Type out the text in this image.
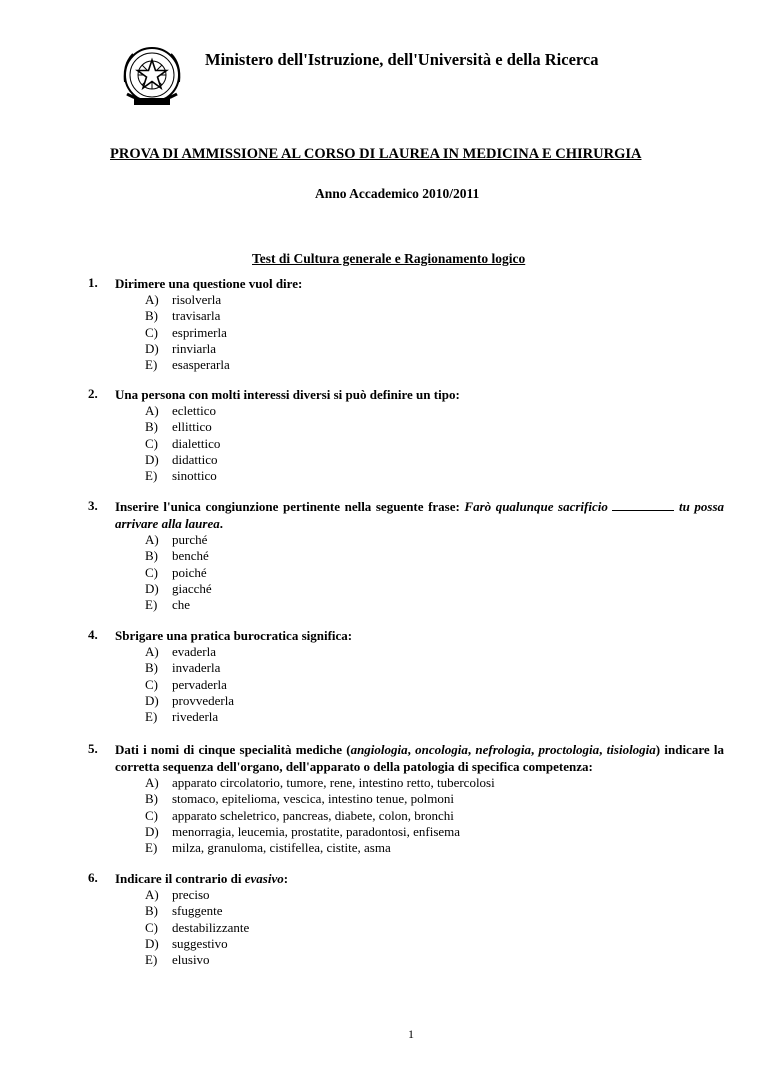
Ministero dell'Istruzione, dell'Università e della Ricerca
PROVA DI AMMISSIONE AL CORSO DI LAUREA IN MEDICINA E CHIRURGIA
Anno Accademico 2010/2011
Test di Cultura generale e Ragionamento logico
1. Dirimere una questione vuol dire:
A) risolverla
B) travisarla
C) esprimerla
D) rinviarla
E) esasperarla
2. Una persona con molti interessi diversi si può definire un tipo:
A) eclettico
B) ellittico
C) dialettico
D) didattico
E) sinottico
3. Inserire l'unica congiunzione pertinente nella seguente frase: Farò qualunque sacrificio	tu possa arrivare alla laurea.
A) purché
B) benché
C) poiché
D) giacché
E) che
4. Sbrigare una pratica burocratica significa:
A) evaderla
B) invaderla
C) pervaderla
D) provvederla
E) rivederla
5. Dati i nomi di cinque specialità mediche (angiologia, oncologia, nefrologia, proctologia, tisiologia) indicare la corretta sequenza dell'organo, dell'apparato o della patologia di specifica competenza:
A) apparato circolatorio, tumore, rene, intestino retto, tubercolosi
B) stomaco, epitelioma, vescica, intestino tenue, polmoni
C) apparato scheletrico, pancreas, diabete, colon, bronchi
D) menorragia, leucemia, prostatite, paradontosi, enfisema
E) milza, granuloma, cistifellea, cistite, asma
6. Indicare il contrario di evasivo:
A) preciso
B) sfuggente
C) destabilizzante
D) suggestivo
E) elusivo
1
